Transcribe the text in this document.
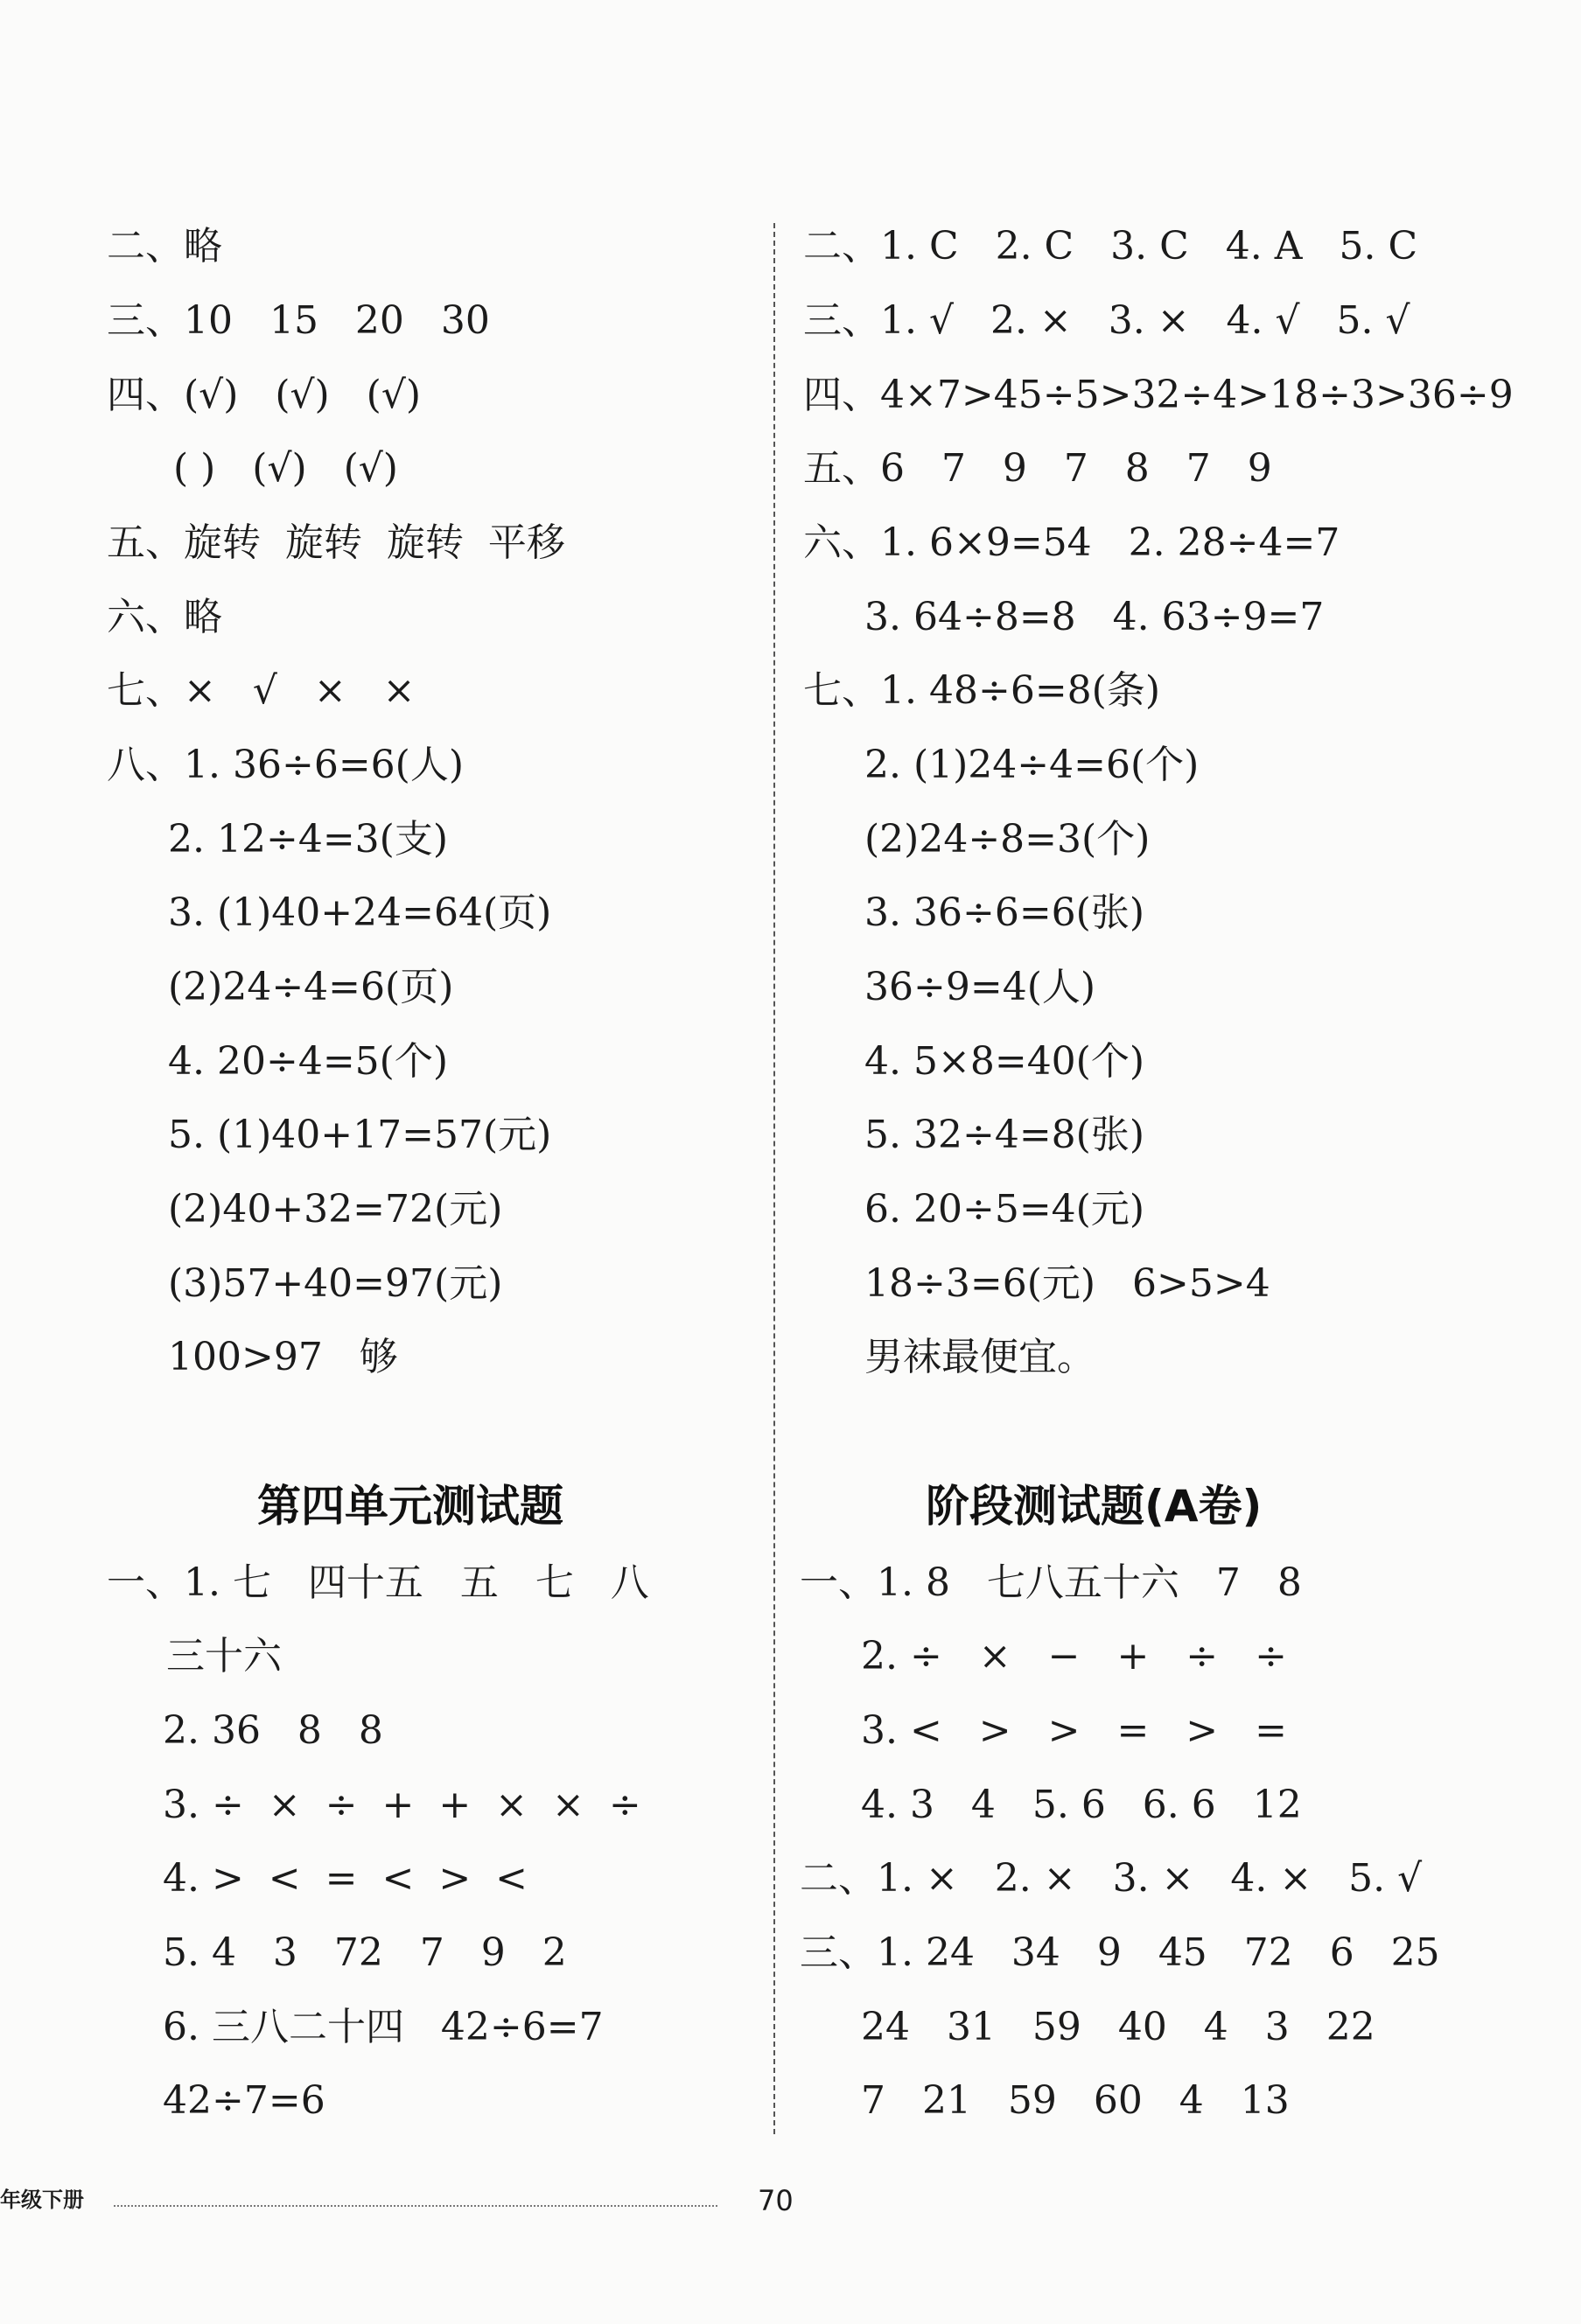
二、略
三、10   15   20   30
四、(√)   (√)   (√)
( )   (√)   (√)
五、旋转  旋转  旋转  平移
六、略
七、×   √   ×   ×
八、1. 36÷6=6(人)
2. 12÷4=3(支)
3. (1)40+24=64(页)
(2)24÷4=6(页)
4. 20÷4=5(个)
5. (1)40+17=57(元)
(2)40+32=72(元)
(3)57+40=97(元)
100>97   够
第四单元测试题
一、1. 七   四十五   五   七   八
三十六
2. 36   8   8
3. ÷  ×  ÷  +  +  ×  ×  ÷
4. >  <  =  <  >  <
5. 4   3   72   7   9   2
6. 三八二十四   42÷6=7
42÷7=6
二、1. C   2. C   3. C   4. A   5. C
三、1. √   2. ×   3. ×   4. √   5. √
四、4×7>45÷5>32÷4>18÷3>36÷9
五、6   7   9   7   8   7   9
六、1. 6×9=54   2. 28÷4=7
3. 64÷8=8   4. 63÷9=7
七、1. 48÷6=8(条)
2. (1)24÷4=6(个)
(2)24÷8=3(个)
3. 36÷6=6(张)
36÷9=4(人)
4. 5×8=40(个)
5. 32÷4=8(张)
6. 20÷5=4(元)
18÷3=6(元)   6>5>4
男袜最便宜。
阶段测试题(A卷)
一、1. 8   七八五十六   7   8
2. ÷   ×   −   +   ÷   ÷
3. <   >   >   =   >   =
4. 3   4   5. 6   6. 6   12
二、1. ×   2. ×   3. ×   4. ×   5. √
三、1. 24   34   9   45   72   6   25
24   31   59   40   4   3   22
7   21   59   60   4   13
年级下册	70
